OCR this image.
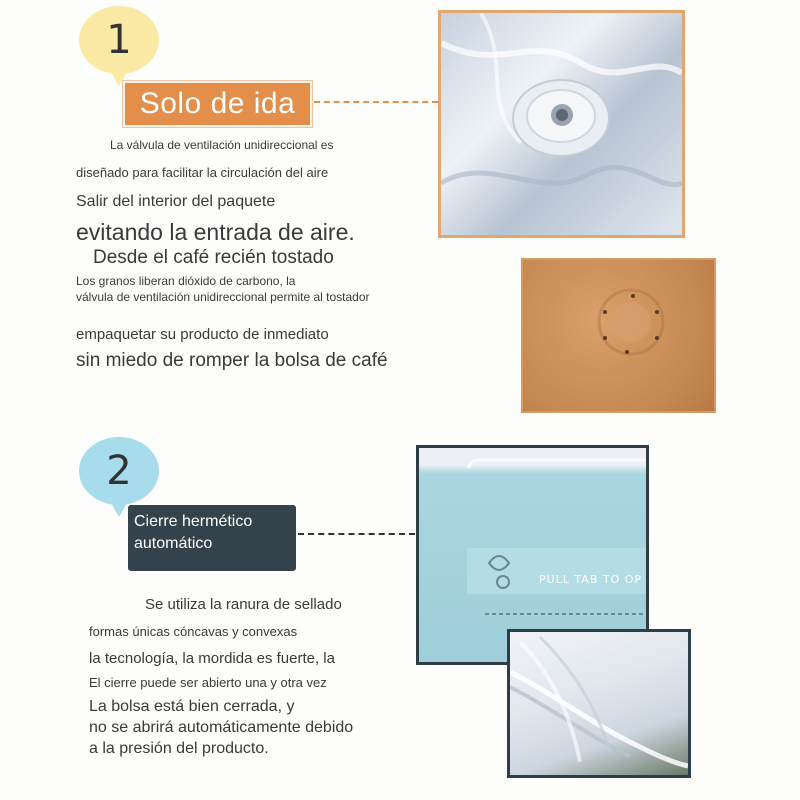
1
Solo de ida
La válvula de ventilación unidireccional es
diseñado para facilitar la circulación del aire
Salir del interior del paquete
evitando la entrada de aire.
Desde el café recién tostado
Los granos liberan dióxido de carbono, la
válvula de ventilación unidireccional permite al tostador
empaquetar su producto de inmediato
sin miedo de romper la bolsa de café
2
Cierre hermético
automático
Se utiliza la ranura de sellado
formas únicas cóncavas y convexas
la tecnología, la mordida es fuerte, la
El cierre puede ser abierto una y otra vez
La bolsa está bien cerrada, y
no se abrirá automáticamente debido
a la presión del producto.
PULL TAB TO OP
